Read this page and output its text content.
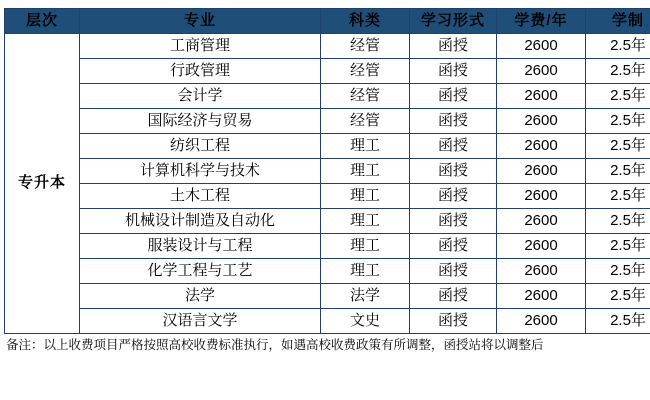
层次	专业	科类	学习形式	学费/年	学制
专升本	工商管理	经管	函授	2600	2.5年
	行政管理	经管	函授	2600	2.5年
	会计学	经管	函授	2600	2.5年
	国际经济与贸易	经管	函授	2600	2.5年
	纺织工程	理工	函授	2600	2.5年
	计算机科学与技术	理工	函授	2600	2.5年
	土木工程	理工	函授	2600	2.5年
	机械设计制造及自动化	理工	函授	2600	2.5年
	服装设计与工程	理工	函授	2600	2.5年
	化学工程与工艺	理工	函授	2600	2.5年
	法学	法学	函授	2600	2.5年
	汉语言文学	文史	函授	2600	2.5年
备注：以上收费项目严格按照高校收费标准执行，如遇高校收费政策有所调整，函授站将以调整后
